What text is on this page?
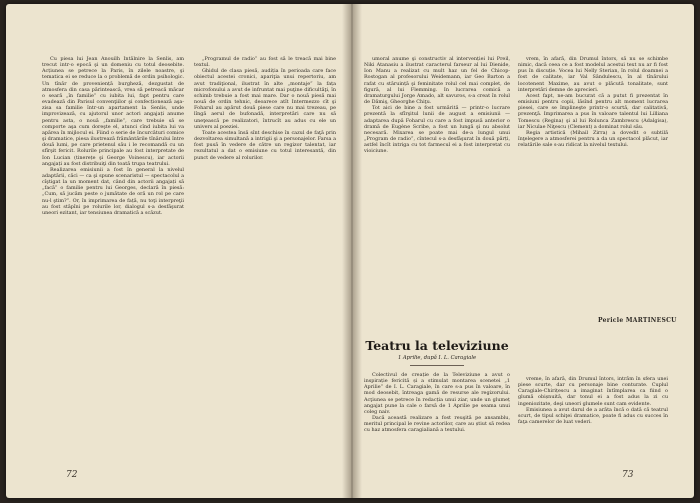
Cu piesa lui Jean Anouilh Intâlnire la Senlis, am trecut intr-o epocă şi un domeniu cu totul deosebite. Acțiunea se petrece la Paris, în zilele noastre, şi tematica ei se reduce la o problemă de ordin psihologic. Un tînăr de proveniență burgheză, dezgustat de atmosfera din casa părintească, vrea să petreacă măcar o seară „în familie” cu iubita lui, fapt pentru care evadează din Parisul convenţiilor şi confecționează aşa-zisa sa familie într-un apartament la Senlis, unde improvizează, cu ajutorul unor actori angajați anume pentru asta, o nouă „familie”, care trebuie să se comporte aşa cum doreşte el, atunci cînd iubita lui va apărea în mijlocul ei. Fiind o serie de încurcături comice şi dramatice, piesa ilustrează frământările tînărului între două lumi, pe care prietenul său i le recomandă cu un sfîrşit fericit. Rolurile principale au fost interpretate de Ion Lucian (tinerețe şi George Voinescu), iar actorii angajați au fost distribuiţi din toată trupa teatrului.

Realizarea emisiunii a fost în general la nivelul adaptării, căci — ca şi spune scenaristul — spectacolul a cîştigat la un moment dat, când din actorii angajați să „facă” o familie pentru lui Georges, declară în piesă: „Cum, să jucăm peste o jumătate de oră un rol pe care nu-l ştim?”. Or, în imprimarea de față, nu toţi interpreţii au fost stăpîni pe rolurile lor, dialogul s-a desfăşurat uneori ezitant, iar tensiunea dramatică a scăzut.

„Programul de radio” au fost să le treacă mai bine textul.

Ghidul de clasa piesă, audiția în perioada care face obiectul acestei cronici, apariţia unui repertoriu, am avut tradiţional, ilustrat în alte „montaje” la fața microfonului a avut de infruntat mai puţine dificultăţi, în schimb trebuie a fost mai mare. Dar o nouă piesă mai nouă de ordin tehnic, deoarece atît Intermezzo cît şi Foharul au apărut două piese care nu mai trezeau, pe lîngă aerul de bufonadă, interpretări care nu să uneţească pe realizatori, întrucît au adus cu ele un univers al poeziei.

Toate acestea însă sînt deschise în cazul de faţă prin dezvoltarea simultană a intrigii şi a personajelor. Farsa a fost pusă în vedere de către un regizor talentat, iar rezultatul a dat o emisiune cu totul interesantă, din punct de vedere al rolurilor.

72

umoral anume şi constructiv al intervenției lui Preil, Niki Atanasiu a ilustrat caracterul farseur al lui Dienide, Ion Manu a realizat cu mult haz un fel de Chicop-Rostogan al profesorului Weidemann, iar Geo Barton a rafat cu stăruință şi feminitate rolul cel mai complet, de figură, al lui Flemming. In lucrarea comică a dramaturgului Jorge Amado, alt savuros, s-a creat în rolul de Dămiş, Gheorghe Chiţu.

Tot aici de bine a fost urmărită — printr-o lucrare prezentă la sfîrşitul lunii de august a emisiunii — adaptarea după Foharul cu care a fost impusă anterior o dramă de Eugène Scribe, a fost un lungă şi nu absolut necesară. Mixarea se poate mai de-a lungul unui „Program de radio”, cîntecul s-a desfăşurat în două părți, astfel încît intriga cu tot farmecul ei a fost interpretat cu vioiciune.

vrem, în afară, din Drumul întors, să nu se schimbe nimic, dacă ceea ce a fost modelul acestui text nu ar fi fost pus în discuție. Vocea lui Nelly Sterian, în rolul doamnei a fost de calitate, iar Val Săndulescu, în al tînărului locotenent Maxime, au avut o plăcută tonalitate, sunt interpretări demne de aprecieri.

Acest fapt, ne-am bucurat că a putut fi prezentat în emisiuni pentru copii, lăsînd pentru alt moment lucrarea piesei, care se împlineşte printr-o scurtă, dar calitativă, prezenţă. Imprimarea a pus în valoare talentul lui Lilliana Tomescu (Regina) şi al lui Rolunca Zambrescu (Adalgisa), iar Niculae Niţescu (Clement) a dominat rolul său.

Regia artistică (Mihail Zirra) a dovedit o subtilă înţelegere a atmosferei pentru a da un spectacol plăcut, iar relatările sale s-au ridicat la nivelul textului.

Pericle MARTINESCU
Teatru la televiziune
1 Aprilie, după I. L. Caragiale

Colectivul de creație de la Televiziune a avut o inspirație fericită și a stimulat montarea scenetei „1 Aprilie” de I. L. Caragiale, în care s-a pus în valoare, în mod deosebit, întreaga gamă de resurse ale regizorului. Acţiunea se petrece în redacția unui ziar, unde un glumeț angajat pune la cale o farsă de 1 Aprilie pe seama unui coleg naiv.

Dacă această realizare a fost reuşită pe ansamblu, meritul principal le revine actorilor, care au știut să redea cu haz atmosfera caragialiană a textului.

vreme, în afară, din Drumul întors, intrăm în sfera unei piese scurte, dar cu personaje bine conturate. Cuplul Caragiale-Chirițescu a imaginat întîmplarea ca fiind o glumă obișnuită, dar tonul ei a fost adus la zi cu ingeniozitate, deşi uneori glumele sunt cam evidente.

Emisiunea a avut darul de a arăta încă o dată că teatrul scurt, de tipul schiţei dramatice, poate fi adus cu succes în faţa camerelor de luat vederi.

73
